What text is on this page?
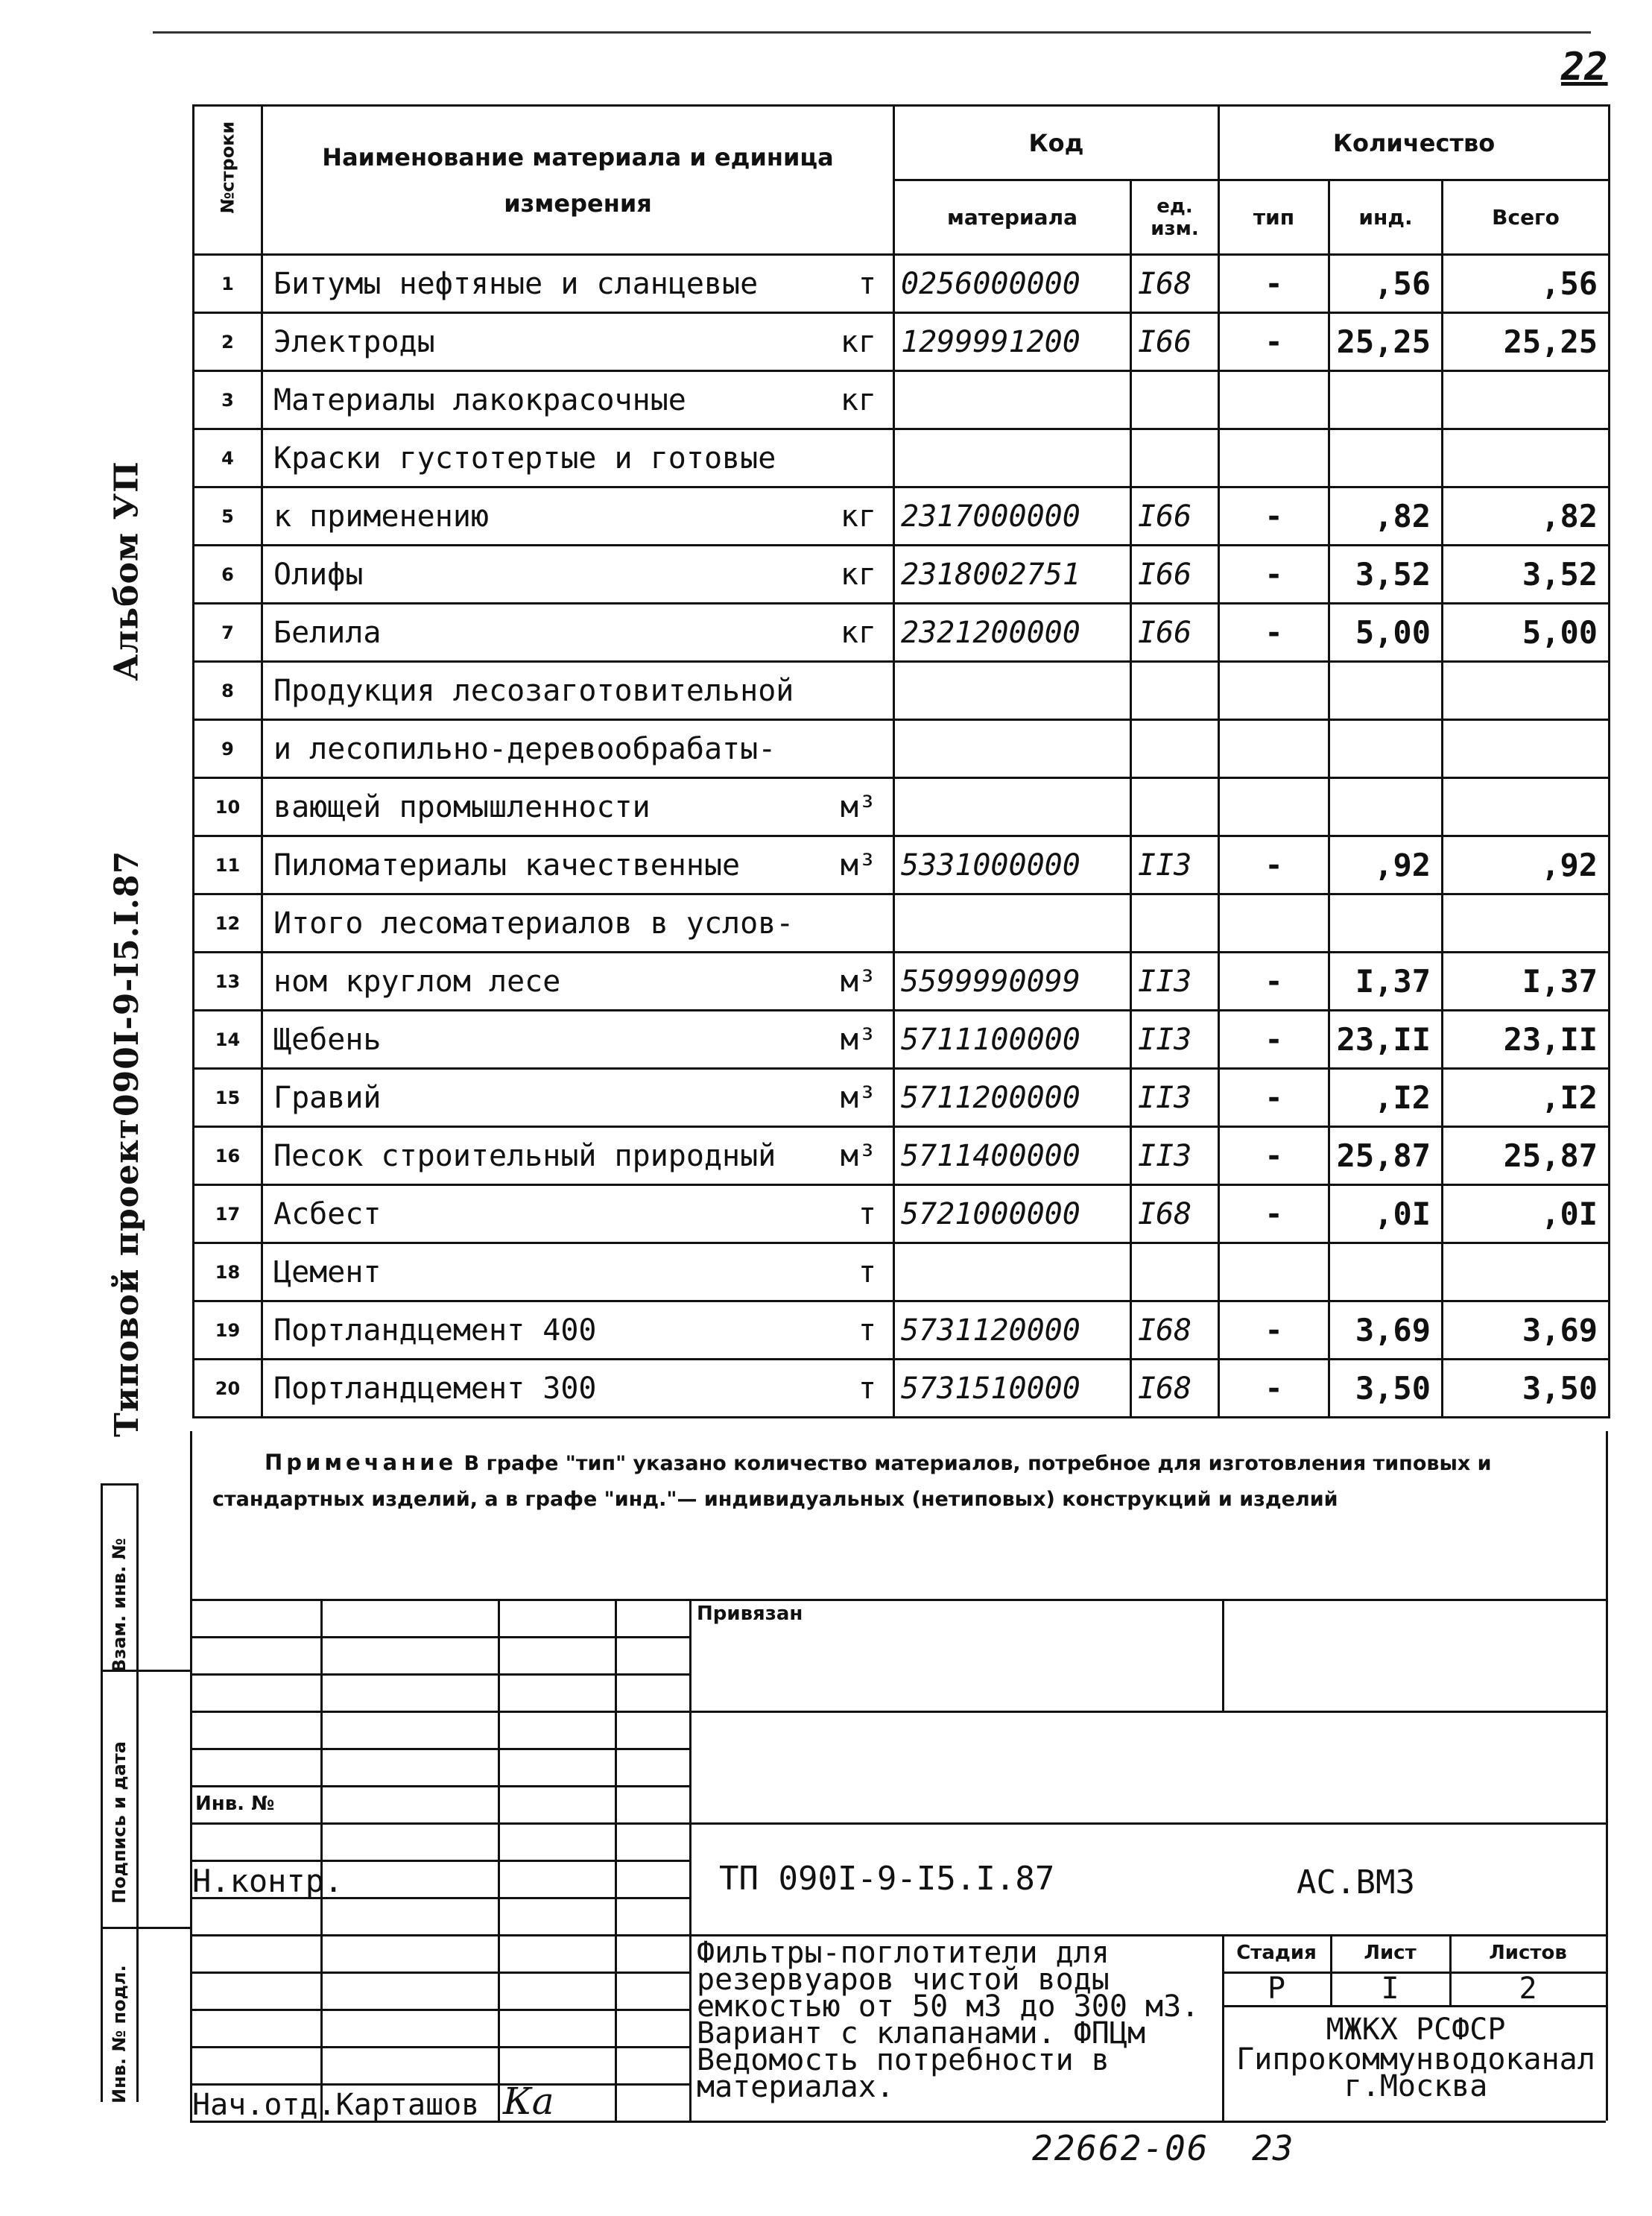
22
Альбом УП
090I-9-I5.I.87
Типовой проект
Взам. инв. №
Подпись и дата
Инв. № подл.
№строки	Наименование материала и единица измерения	Код		Количество		
		материала	ед. изм.	тип	инд.	Всего
1	Битумы нефтяные и сланцевые т	0256000000	I68	-	,56	,56
2	Электроды кг	1299991200	I66	-	25,25	25,25
3	Материалы лакокрасочные кг					

4	Краски густотертые и готовые					

5	к применению кг	2317000000	I66	-	,82	,82
6	Олифы кг	2318002751	I66	-	3,52	3,52
7	Белила кг	2321200000	I66	-	5,00	5,00
8	Продукция лесозаготовительной					

9	и лесопильно-деревообрабаты-					

10	вающей промышленности м³					

11	Пиломатериалы качественные м³	5331000000	II3	-	,92	,92
12	Итого лесоматериалов в услов-					

13	ном круглом лесе м³	5599990099	II3	-	I,37	I,37
14	Щебень м³	5711100000	II3	-	23,II	23,II
15	Гравий м³	5711200000	II3	-	,I2	,I2
16	Песок строительный природный м³	5711400000	II3	-	25,87	25,87
17	Асбест т	5721000000	I68	-	,0I	,0I
18	Цемент т					

19	Портландцемент 400 т	5731120000	I68	-	3,69	3,69
20	Портландцемент 300 т	5731510000	I68	-	3,50	3,50
Примечание В графе "тип" указано количество материалов, потребное для изготовления типовых и стандартных изделий, а в графе "инд."— индивидуальных (нетиповых) конструкций и изделий
Привязан
Инв. №
Н.контр.
Нач.отд.Карташов Ка
ТП 090I-9-I5.I.87	АС.ВМЗ
Фильтры-поглотители для резервуаров чистой воды емкостью от 50 м3 до 300 м3. Вариант с клапанами. ФПЦм Ведомость потребности в материалах.
Стадия	Лист	Листов
Р	I	2
МЖКХ РСФСР
Гипрокоммунводоканал г.Москва
22662-06 23
